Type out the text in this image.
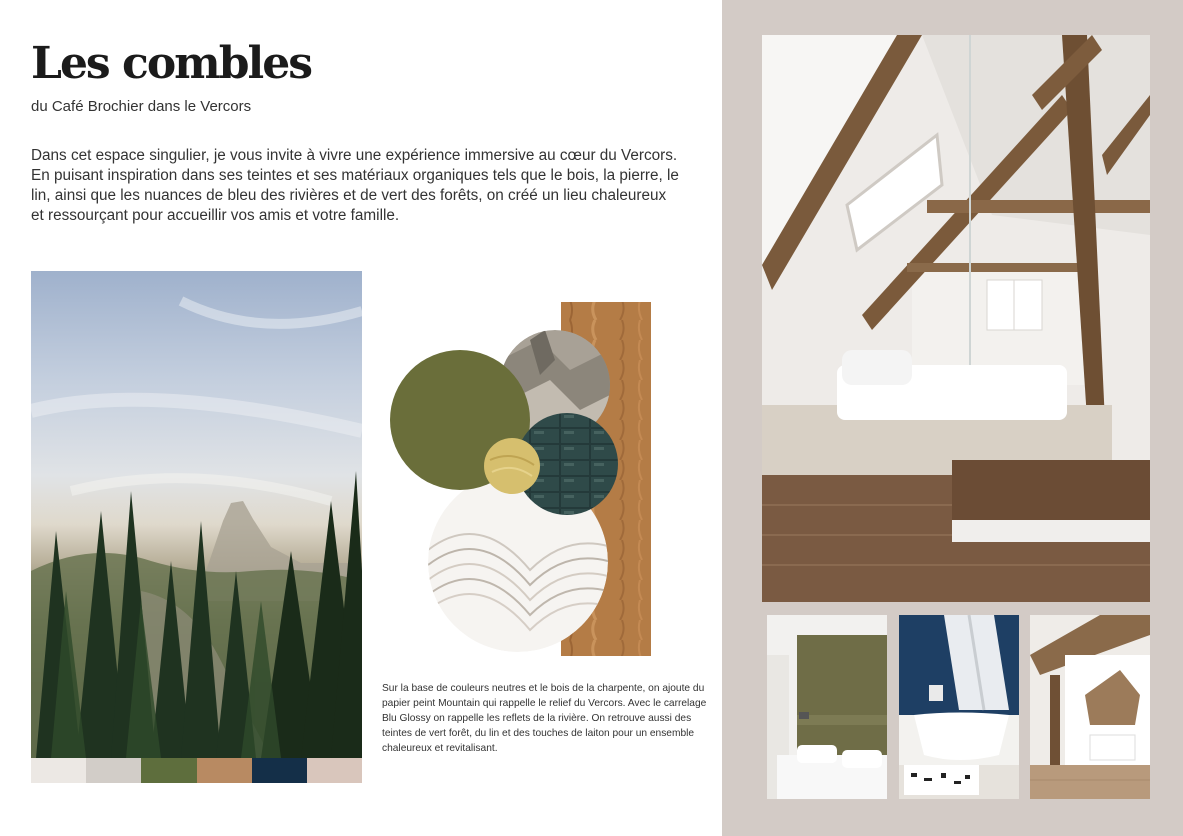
Les combles
du Café Brochier dans le Vercors

Dans cet espace singulier, je vous invite à vivre une expérience immersive au cœur du Vercors. En puisant inspiration dans ses teintes et ses matériaux organiques tels que le bois, la pierre, le lin, ainsi que les nuances de bleu des rivières et de vert des forêts, on créé un lieu chaleureux et ressourçant pour accueillir vos amis et votre famille.

Sur la base de couleurs neutres et le bois de la charpente, on ajoute du papier peint Mountain qui rappelle le relief du Vercors. Avec le carrelage Blu Glossy on rappelle les reflets de la rivière. On retrouve aussi des teintes de vert forêt, du lin et des touches de laiton pour un ensemble chaleureux et revitalisant.
